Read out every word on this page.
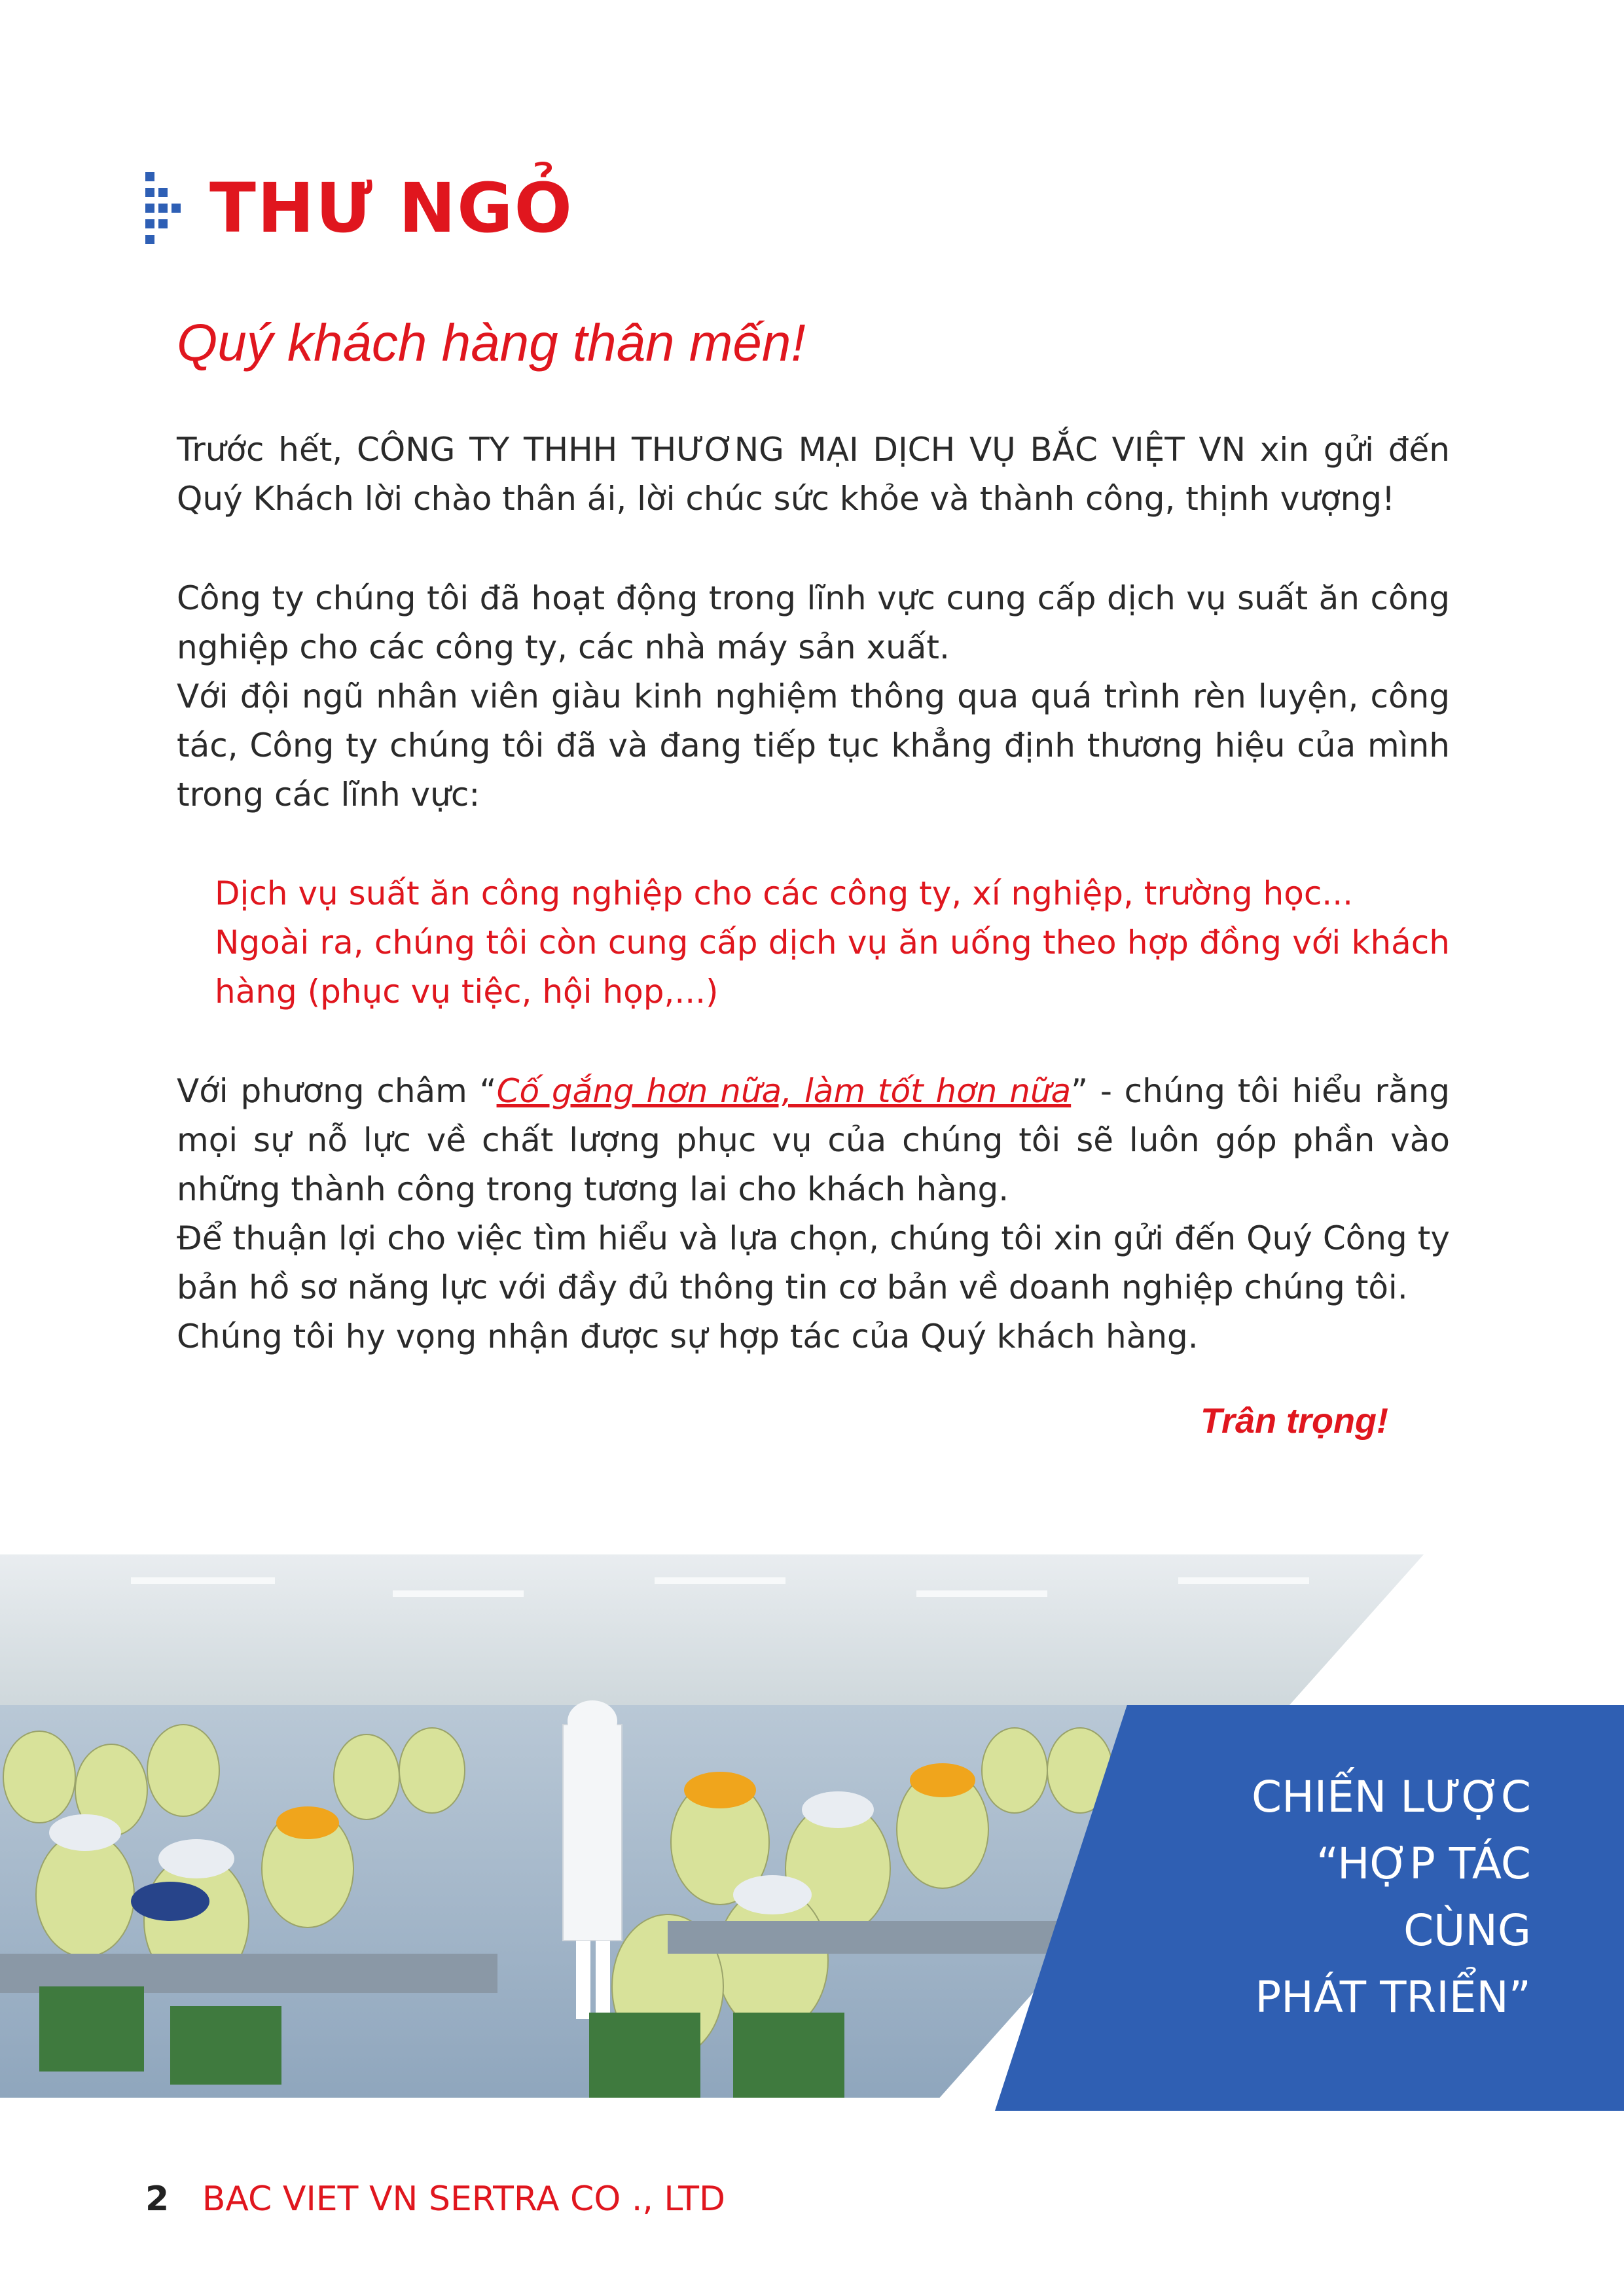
THƯ NGỎ
Quý khách hàng thân mến!

Trước hết, CÔNG TY THHH THƯƠNG MẠI DỊCH VỤ BẮC VIỆT VN xin gửi đến Quý Khách lời chào thân ái, lời chúc sức khỏe và thành công, thịnh vượng!

Công ty chúng tôi đã hoạt động trong lĩnh vực cung cấp dịch vụ suất ăn công nghiệp cho các công ty, các nhà máy sản xuất.

Với đội ngũ nhân viên giàu kinh nghiệm thông qua quá trình rèn luyện, công tác, Công ty chúng tôi đã và đang tiếp tục khẳng định thương hiệu của mình trong các lĩnh vực:

Dịch vụ suất ăn công nghiệp cho các công ty, xí nghiệp, trường học...

Ngoài ra, chúng tôi còn cung cấp dịch vụ ăn uống theo hợp đồng với khách hàng (phục vụ tiệc, hội họp,...)

Với phương châm “Cố gắng hơn nữa, làm tốt hơn nữa” - chúng tôi hiểu rằng mọi sự nỗ lực về chất lượng phục vụ của chúng tôi sẽ luôn góp phần vào những thành công trong tương lai cho khách hàng.

Để thuận lợi cho việc tìm hiểu và lựa chọn, chúng tôi xin gửi đến Quý Công ty bản hồ sơ năng lực với đầy đủ thông tin cơ bản về doanh nghiệp chúng tôi.

Chúng tôi hy vọng nhận được sự hợp tác của Quý khách hàng.

Trân trọng!
CHIẾN LƯỢC
“HỢP TÁC
CÙNG
PHÁT TRIỂN”
2 BAC VIET VN SERTRA CO ., LTD
